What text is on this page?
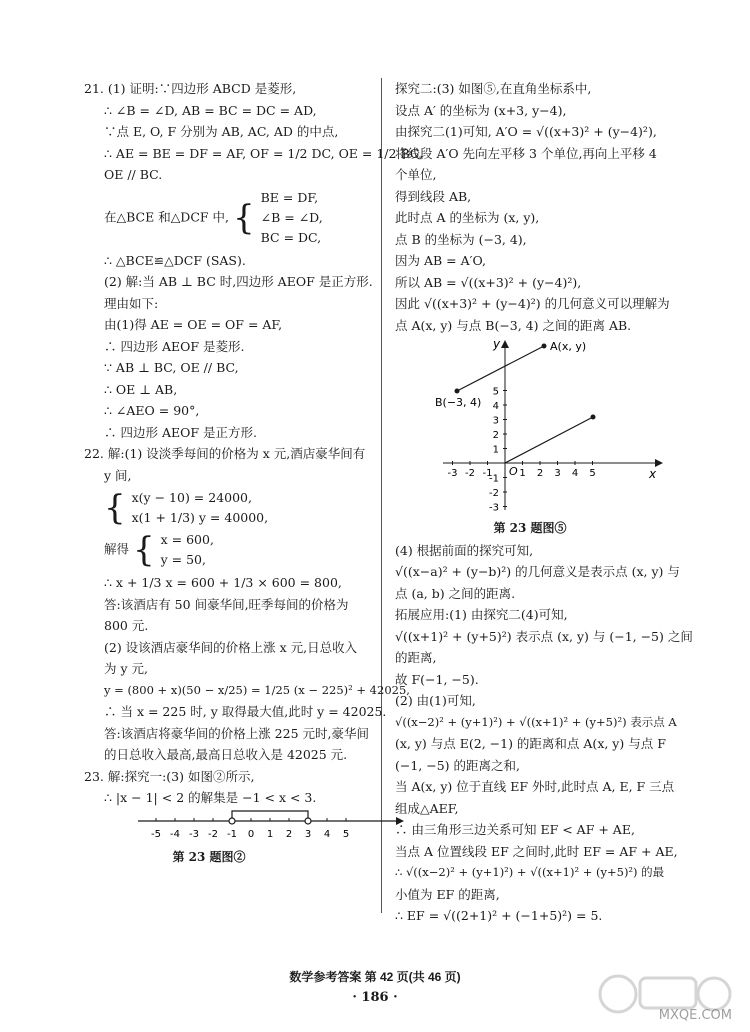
21. (1) 证明:∵四边形 ABCD 是菱形,
∴ ∠B = ∠D, AB = BC = DC = AD,
∵点 E, O, F 分别为 AB, AC, AD 的中点,
∴ AE = BE = DF = AF, OF = 1/2 DC, OE = 1/2 BC,
OE // BC.
在△BCE 和△DCF 中, {
BE = DF,
∠B = ∠D,
BC = DC,
∴ △BCE≌△DCF (SAS).
(2) 解:当 AB ⊥ BC 时,四边形 AEOF 是正方形.
理由如下:
由(1)得 AE = OE = OF = AF,
∴ 四边形 AEOF 是菱形.
∵ AB ⊥ BC, OE // BC,
∴ OE ⊥ AB,
∴ ∠AEO = 90°,
∴ 四边形 AEOF 是正方形.
22. 解:(1) 设淡季每间的价格为 x 元,酒店豪华间有
y 间,
{ x(y − 10) = 24000,
x(1 + 1/3) y = 40000,
解得 { x = 600,
y = 50,
∴ x + 1/3 x = 600 + 1/3 × 600 = 800,
答:该酒店有 50 间豪华间,旺季每间的价格为
800 元.
(2) 设该酒店豪华间的价格上涨 x 元,日总收入
为 y 元,
y = (800 + x)(50 − x/25) = 1/25 (x − 225)² + 42025,
∴ 当 x = 225 时, y 取得最大值,此时 y = 42025.
答:该酒店将豪华间的价格上涨 225 元时,豪华间
的日总收入最高,最高日总收入是 42025 元.
23. 解:探究一:(3) 如图②所示,
∴ |x − 1| < 2 的解集是 −1 < x < 3.
-5 -4 -3 -2 -1 0 1 2 3 4 5
第 23 题图②
探究二:(3) 如图⑤,在直角坐标系中,
设点 A′ 的坐标为 (x+3, y−4),
由探究二(1)可知, A′O = √((x+3)² + (y−4)²),
将线段 A′O 先向左平移 3 个单位,再向上平移 4
个单位,
得到线段 AB,
此时点 A 的坐标为 (x, y),
点 B 的坐标为 (−3, 4),
因为 AB = A′O,
所以 AB = √((x+3)² + (y−4)²),
因此 √((x+3)² + (y−4)²) 的几何意义可以理解为
点 A(x, y) 与点 B(−3, 4) 之间的距离 AB.
-3 -2 -1	1 2 3 4 5
5
4
3
2
1
-1
-2
-3
A(x, y)
B(−3, 4)
O	x
y
第 23 题图⑤
(4) 根据前面的探究可知,
√((x−a)² + (y−b)²) 的几何意义是表示点 (x, y) 与
点 (a, b) 之间的距离.
拓展应用:(1) 由探究二(4)可知,
√((x+1)² + (y+5)²) 表示点 (x, y) 与 (−1, −5) 之间
的距离,
故 F(−1, −5).
(2) 由(1)可知,
√((x−2)² + (y+1)²) + √((x+1)² + (y+5)²) 表示点 A
(x, y) 与点 E(2, −1) 的距离和点 A(x, y) 与点 F
(−1, −5) 的距离之和,
当 A(x, y) 位于直线 EF 外时,此时点 A, E, F 三点
组成△AEF,
∴ 由三角形三边关系可知 EF < AF + AE,
当点 A 位置线段 EF 之间时,此时 EF = AF + AE,
∴ √((x−2)² + (y+1)²) + √((x+1)² + (y+5)²) 的最
小值为 EF 的距离,
∴ EF = √((2+1)² + (−1+5)²) = 5.
数学参考答案 第 42 页(共 46 页)
· 186 ·
MXQE.COM
